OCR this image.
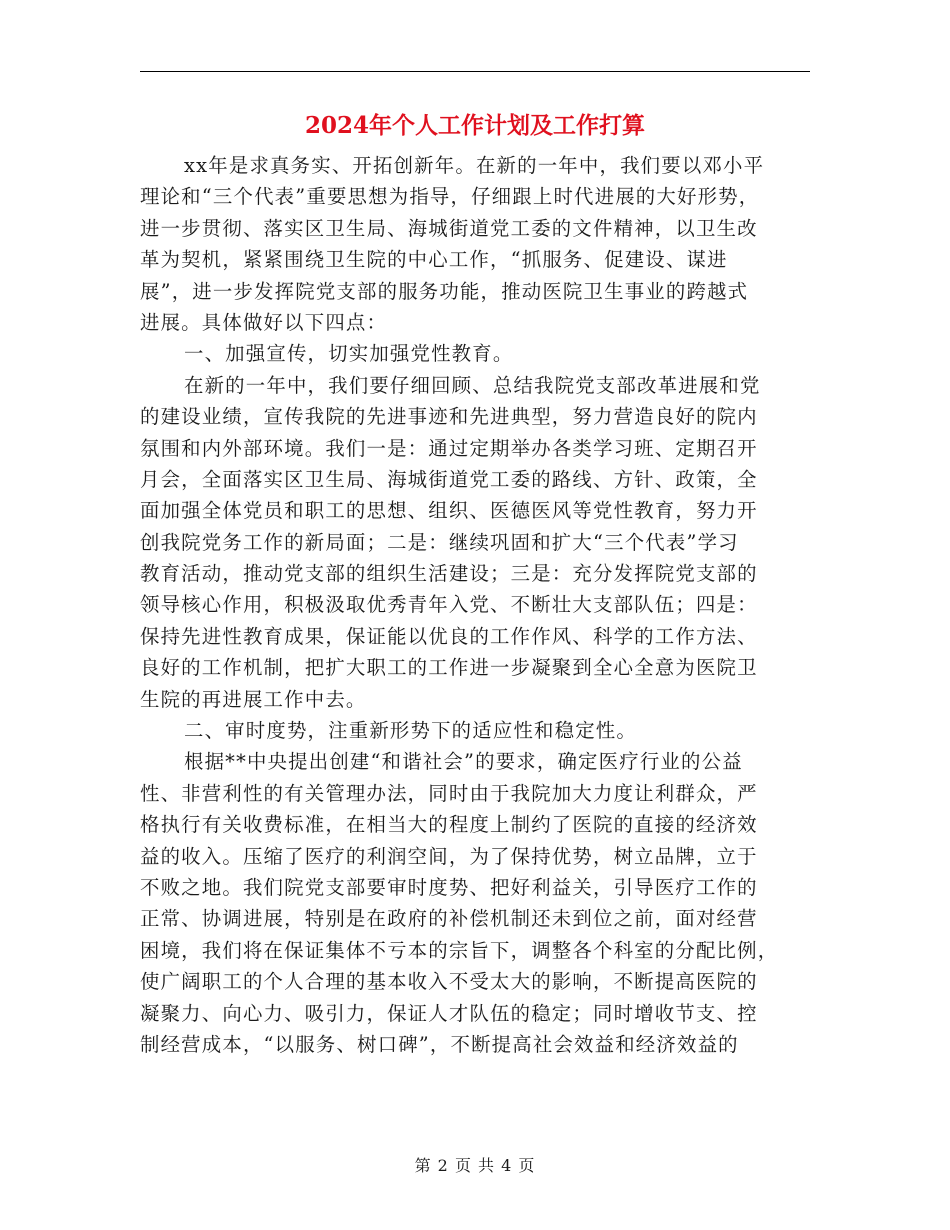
2024年个人工作计划及工作打算
xx年是求真务实、开拓创新年。在新的一年中，我们要以邓小平
理论和“三个代表”重要思想为指导，仔细跟上时代进展的大好形势，
进一步贯彻、落实区卫生局、海城街道党工委的文件精神，以卫生改
革为契机，紧紧围绕卫生院的中心工作，“抓服务、促建设、谋进
展”，进一步发挥院党支部的服务功能，推动医院卫生事业的跨越式
进展。具体做好以下四点：
一、加强宣传，切实加强党性教育。
在新的一年中，我们要仔细回顾、总结我院党支部改革进展和党
的建设业绩，宣传我院的先进事迹和先进典型，努力营造良好的院内
氛围和内外部环境。我们一是：通过定期举办各类学习班、定期召开
月会，全面落实区卫生局、海城街道党工委的路线、方针、政策，全
面加强全体党员和职工的思想、组织、医德医风等党性教育，努力开
创我院党务工作的新局面；二是：继续巩固和扩大“三个代表”学习
教育活动，推动党支部的组织生活建设；三是：充分发挥院党支部的
领导核心作用，积极汲取优秀青年入党、不断壮大支部队伍；四是：
保持先进性教育成果，保证能以优良的工作作风、科学的工作方法、
良好的工作机制，把扩大职工的工作进一步凝聚到全心全意为医院卫
生院的再进展工作中去。
二、审时度势，注重新形势下的适应性和稳定性。
根据**中央提出创建“和谐社会”的要求，确定医疗行业的公益
性、非营利性的有关管理办法，同时由于我院加大力度让利群众，严
格执行有关收费标准，在相当大的程度上制约了医院的直接的经济效
益的收入。压缩了医疗的利润空间，为了保持优势，树立品牌，立于
不败之地。我们院党支部要审时度势、把好利益关，引导医疗工作的
正常、协调进展，特别是在政府的补偿机制还未到位之前，面对经营
困境，我们将在保证集体不亏本的宗旨下，调整各个科室的分配比例，
使广阔职工的个人合理的基本收入不受太大的影响，不断提高医院的
凝聚力、向心力、吸引力，保证人才队伍的稳定；同时增收节支、控
制经营成本，“以服务、树口碑”，不断提高社会效益和经济效益的
第 2 页 共 4 页
